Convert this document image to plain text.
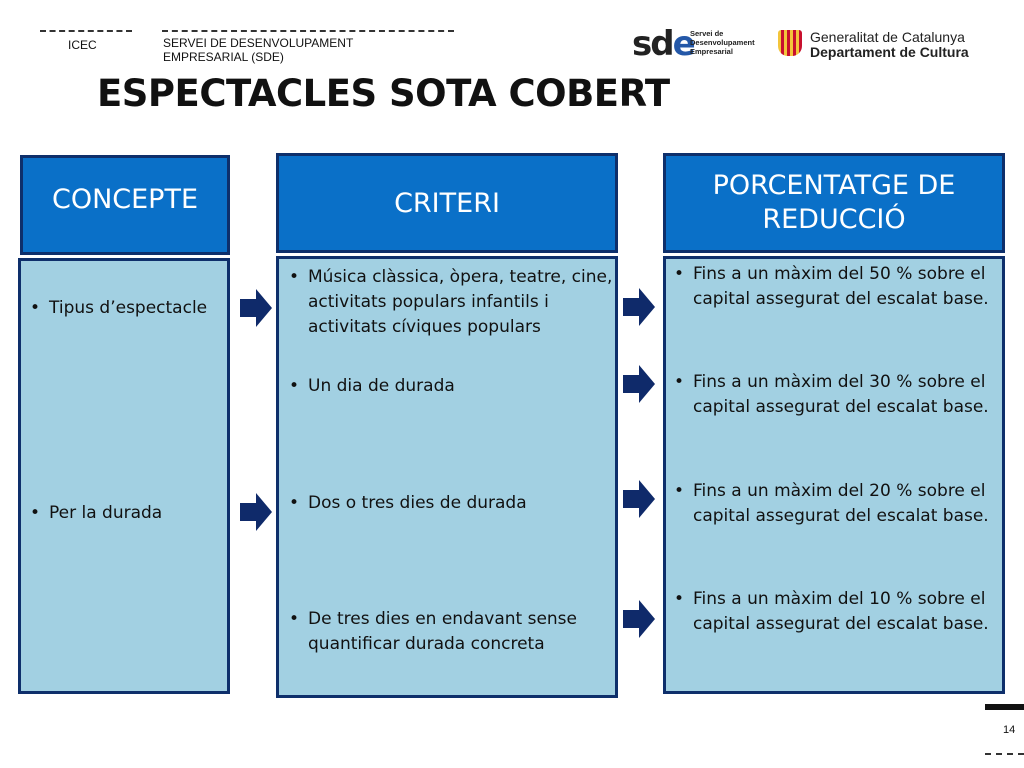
ICEC	SERVEI DE DESENVOLUPAMENT
EMPRESARIAL (SDE)	sde
Servei de
Desenvolupament
Empresarial
Generalitat de Catalunya
Departament de Cultura
ESPECTACLES SOTA COBERT
CONCEPTE
• Tipus d’espectacle
• Per la durada
CRITERI
• Música clàssica, òpera, teatre, cine, activitats populars infantils i activitats cíviques populars
• Un dia de durada
• Dos o tres dies de durada
• De tres dies en endavant sense quantificar durada concreta
PORCENTATGE DE REDUCCIÓ
• Fins a un màxim del 50 % sobre el capital assegurat del escalat base.
• Fins a un màxim del 30 % sobre el capital assegurat del escalat base.
• Fins a un màxim del 20 % sobre el capital assegurat del escalat base.
• Fins a un màxim del 10 % sobre el capital assegurat del escalat base.
14
